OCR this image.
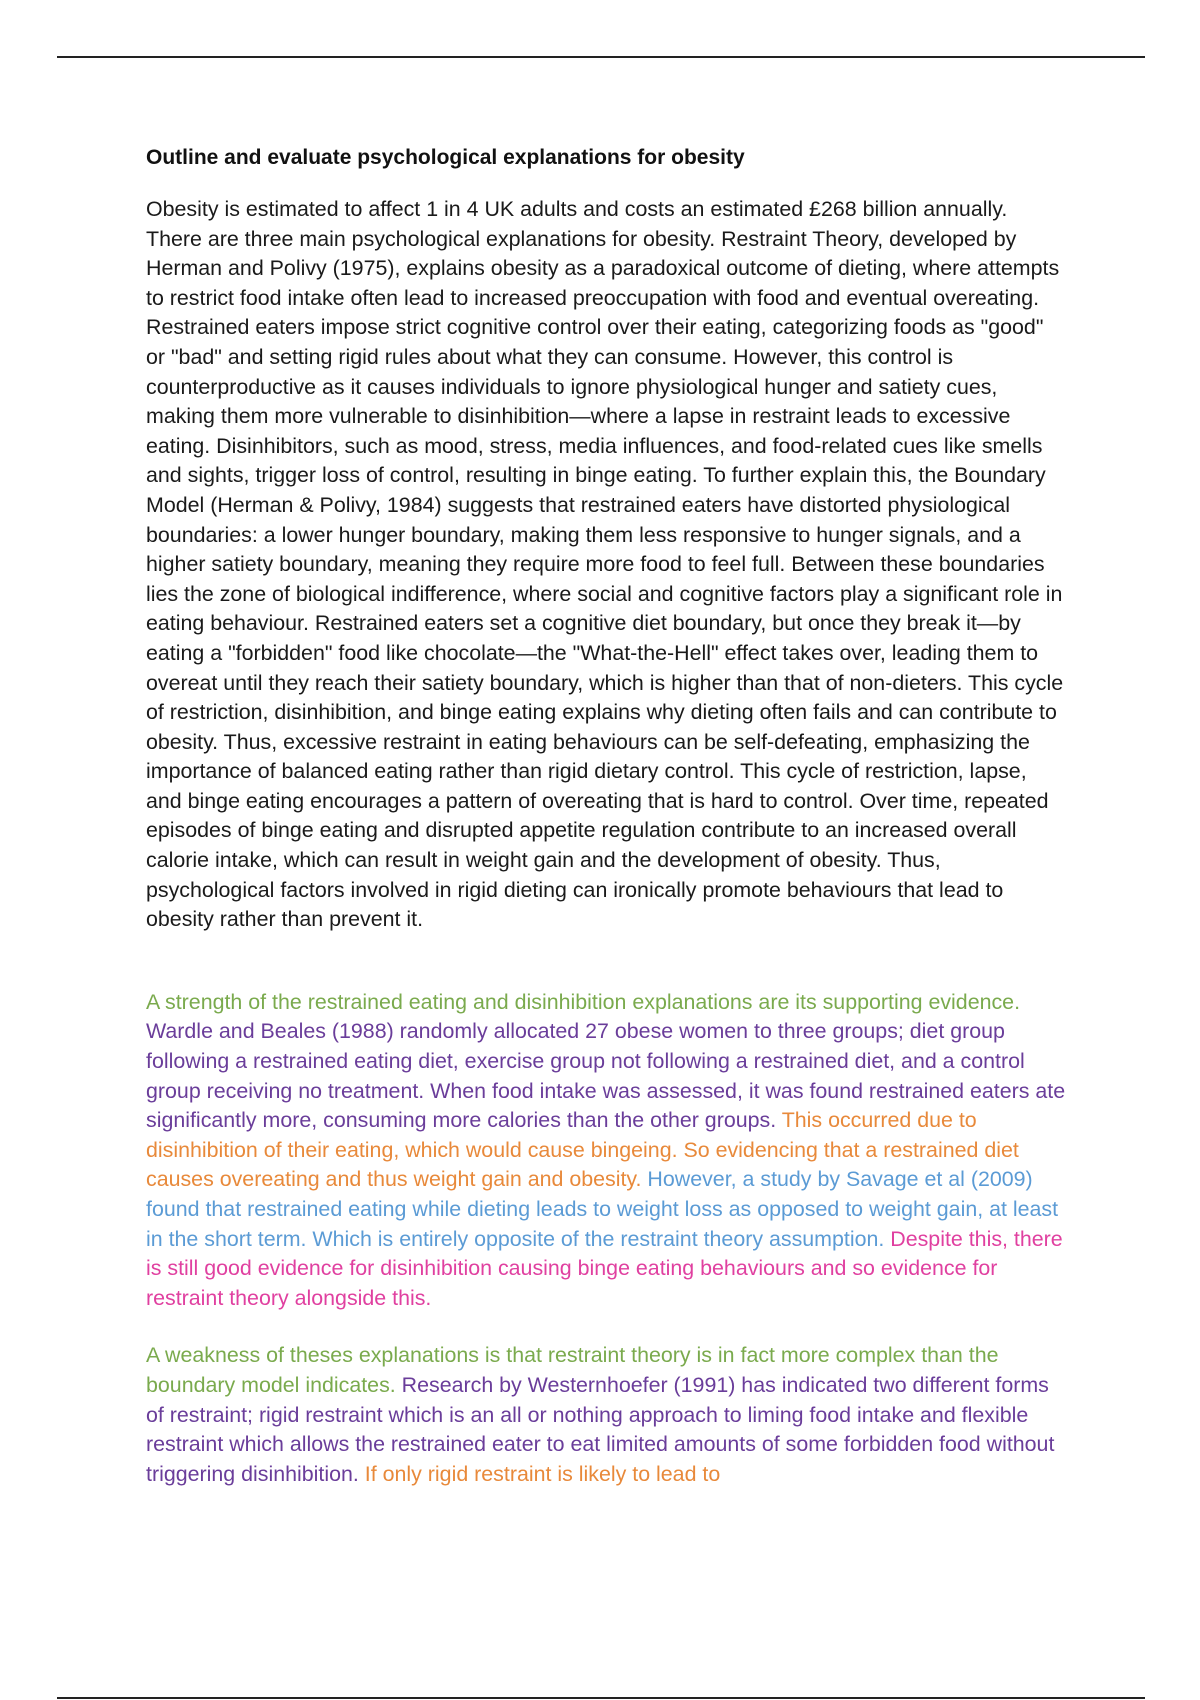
Outline and evaluate psychological explanations for obesity

Obesity is estimated to affect 1 in 4 UK adults and costs an estimated £268 billion annually. There are three main psychological explanations for obesity. Restraint Theory, developed by Herman and Polivy (1975), explains obesity as a paradoxical outcome of dieting, where attempts to restrict food intake often lead to increased preoccupation with food and eventual overeating. Restrained eaters impose strict cognitive control over their eating, categorizing foods as "good" or "bad" and setting rigid rules about what they can consume. However, this control is counterproductive as it causes individuals to ignore physiological hunger and satiety cues, making them more vulnerable to disinhibition—where a lapse in restraint leads to excessive eating. Disinhibitors, such as mood, stress, media influences, and food-related cues like smells and sights, trigger loss of control, resulting in binge eating. To further explain this, the Boundary Model (Herman & Polivy, 1984) suggests that restrained eaters have distorted physiological boundaries: a lower hunger boundary, making them less responsive to hunger signals, and a higher satiety boundary, meaning they require more food to feel full. Between these boundaries lies the zone of biological indifference, where social and cognitive factors play a significant role in eating behaviour. Restrained eaters set a cognitive diet boundary, but once they break it—by eating a "forbidden" food like chocolate—the "What-the-Hell" effect takes over, leading them to overeat until they reach their satiety boundary, which is higher than that of non-dieters. This cycle of restriction, disinhibition, and binge eating explains why dieting often fails and can contribute to obesity. Thus, excessive restraint in eating behaviours can be self-defeating, emphasizing the importance of balanced eating rather than rigid dietary control. This cycle of restriction, lapse, and binge eating encourages a pattern of overeating that is hard to control. Over time, repeated episodes of binge eating and disrupted appetite regulation contribute to an increased overall calorie intake, which can result in weight gain and the development of obesity. Thus, psychological factors involved in rigid dieting can ironically promote behaviours that lead to obesity rather than prevent it.

A strength of the restrained eating and disinhibition explanations are its supporting evidence. Wardle and Beales (1988) randomly allocated 27 obese women to three groups; diet group following a restrained eating diet, exercise group not following a restrained diet, and a control group receiving no treatment. When food intake was assessed, it was found restrained eaters ate significantly more, consuming more calories than the other groups. This occurred due to disinhibition of their eating, which would cause bingeing. So evidencing that a restrained diet causes overeating and thus weight gain and obesity. However, a study by Savage et al (2009) found that restrained eating while dieting leads to weight loss as opposed to weight gain, at least in the short term. Which is entirely opposite of the restraint theory assumption. Despite this, there is still good evidence for disinhibition causing binge eating behaviours and so evidence for restraint theory alongside this.

A weakness of theses explanations is that restraint theory is in fact more complex than the boundary model indicates. Research by Westernhoefer (1991) has indicated two different forms of restraint; rigid restraint which is an all or nothing approach to liming food intake and flexible restraint which allows the restrained eater to eat limited amounts of some forbidden food without triggering disinhibition. If only rigid restraint is likely to lead to
